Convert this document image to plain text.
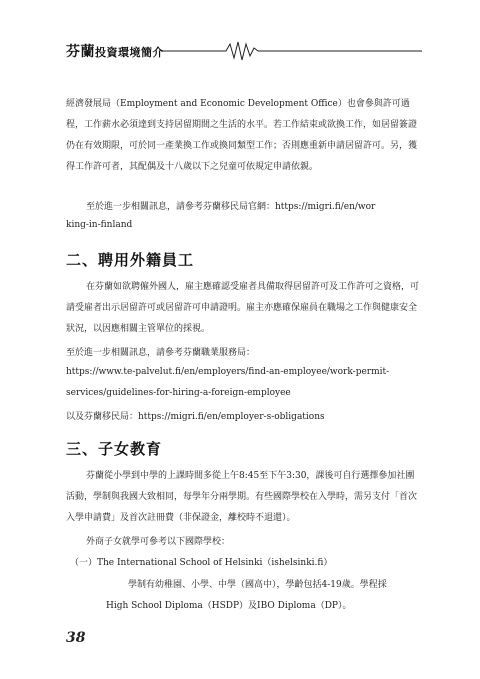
芬蘭投資環境簡介

經濟發展局（Employment and Economic Development Office）也會參與許可過程，工作薪水必須達到支持居留期間之生活的水平。若工作結束或欲換工作，如居留簽證仍在有效期限，可於同一產業換工作或換同類型工作；否則應重新申請居留許可。另，獲得工作許可者，其配偶及十八歲以下之兒童可依規定申請依親。

至於進一步相關訊息，請參考芬蘭移民局官網：https://migri.fi/en/wor
king-in-finland
二、聘用外籍員工

在芬蘭如欲聘僱外國人，雇主應確認受雇者具備取得居留許可及工作許可之資格，可請受雇者出示居留許可或居留許可申請證明。雇主亦應確保雇員在職場之工作與健康安全狀況，以因應相關主管單位的採視。

至於進一步相關訊息，請參考芬蘭職業服務局：
https://www.te-palvelut.fi/en/employers/find-an-employee/work-permit-
services/guidelines-for-hiring-a-foreign-employee
以及芬蘭移民局：https://migri.fi/en/employer-s-obligations
三、子女教育

芬蘭從小學到中學的上課時間多從上午8:45至下午3:30，課後可自行選擇參加社團活動，學制與我國大致相同，每學年分兩學期。有些國際學校在入學時，需另支付「首次入學申請費」及首次註冊費（非保證金，離校時不退還）。

外商子女就學可參考以下國際學校：
（一）The International School of Helsinki（ishelsinki.fi）
學制有幼稚園、小學、中學（國高中），學齡包括4-19歲。學程採
High School Diploma（HSDP）及IBO Diploma（DP）。
38
